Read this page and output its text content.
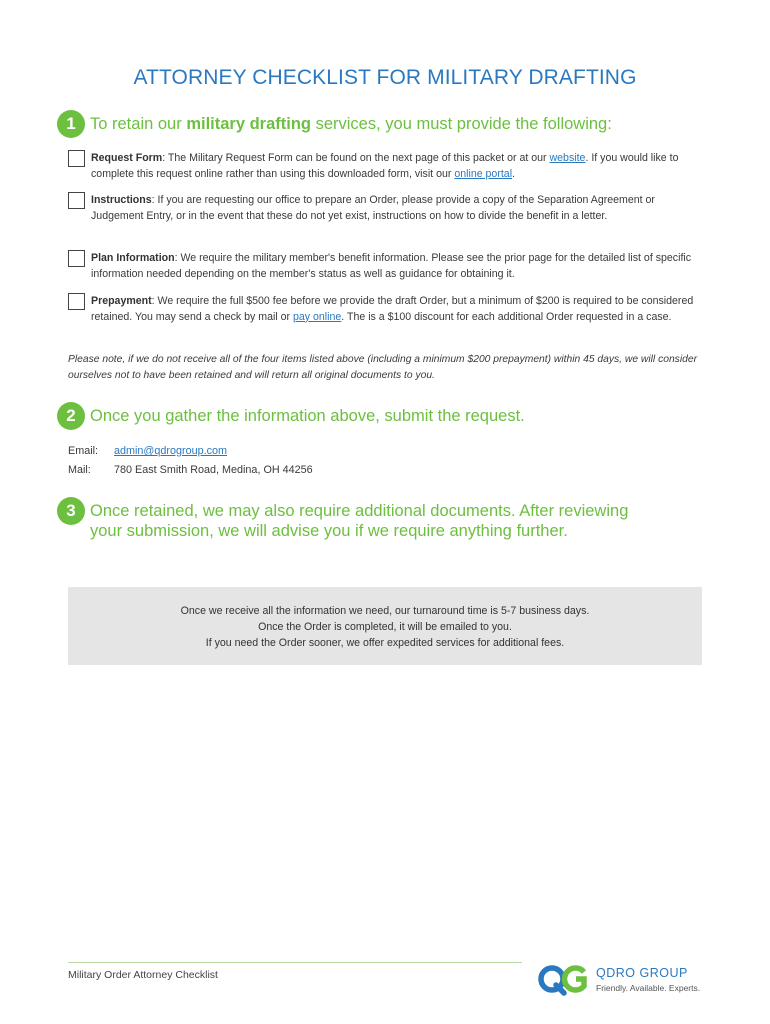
ATTORNEY CHECKLIST FOR MILITARY DRAFTING
1 To retain our military drafting services, you must provide the following:
Request Form: The Military Request Form can be found on the next page of this packet or at our website. If you would like to complete this request online rather than using this downloaded form, visit our online portal.
Instructions: If you are requesting our office to prepare an Order, please provide a copy of the Separation Agreement or Judgement Entry, or in the event that these do not yet exist, instructions on how to divide the benefit in a letter.
Plan Information: We require the military member's benefit information. Please see the prior page for the detailed list of specific information needed depending on the member's status as well as guidance for obtaining it.
Prepayment: We require the full $500 fee before we provide the draft Order, but a minimum of $200 is required to be considered retained. You may send a check by mail or pay online. The is a $100 discount for each additional Order requested in a case.
Please note, if we do not receive all of the four items listed above (including a minimum $200 prepayment) within 45 days, we will consider ourselves not to have been retained and will return all original documents to you.
2 Once you gather the information above, submit the request.
Email: admin@qdrogroup.com
Mail: 780 East Smith Road, Medina, OH 44256
3 Once retained, we may also require additional documents. After reviewing
your submission, we will advise you if we require anything further.
Once we receive all the information we need, our turnaround time is 5-7 business days.
Once the Order is completed, it will be emailed to you.
If you need the Order sooner, we offer expedited services for additional fees.
Military Order Attorney Checklist	QDRO GROUP
Friendly. Available. Experts.
